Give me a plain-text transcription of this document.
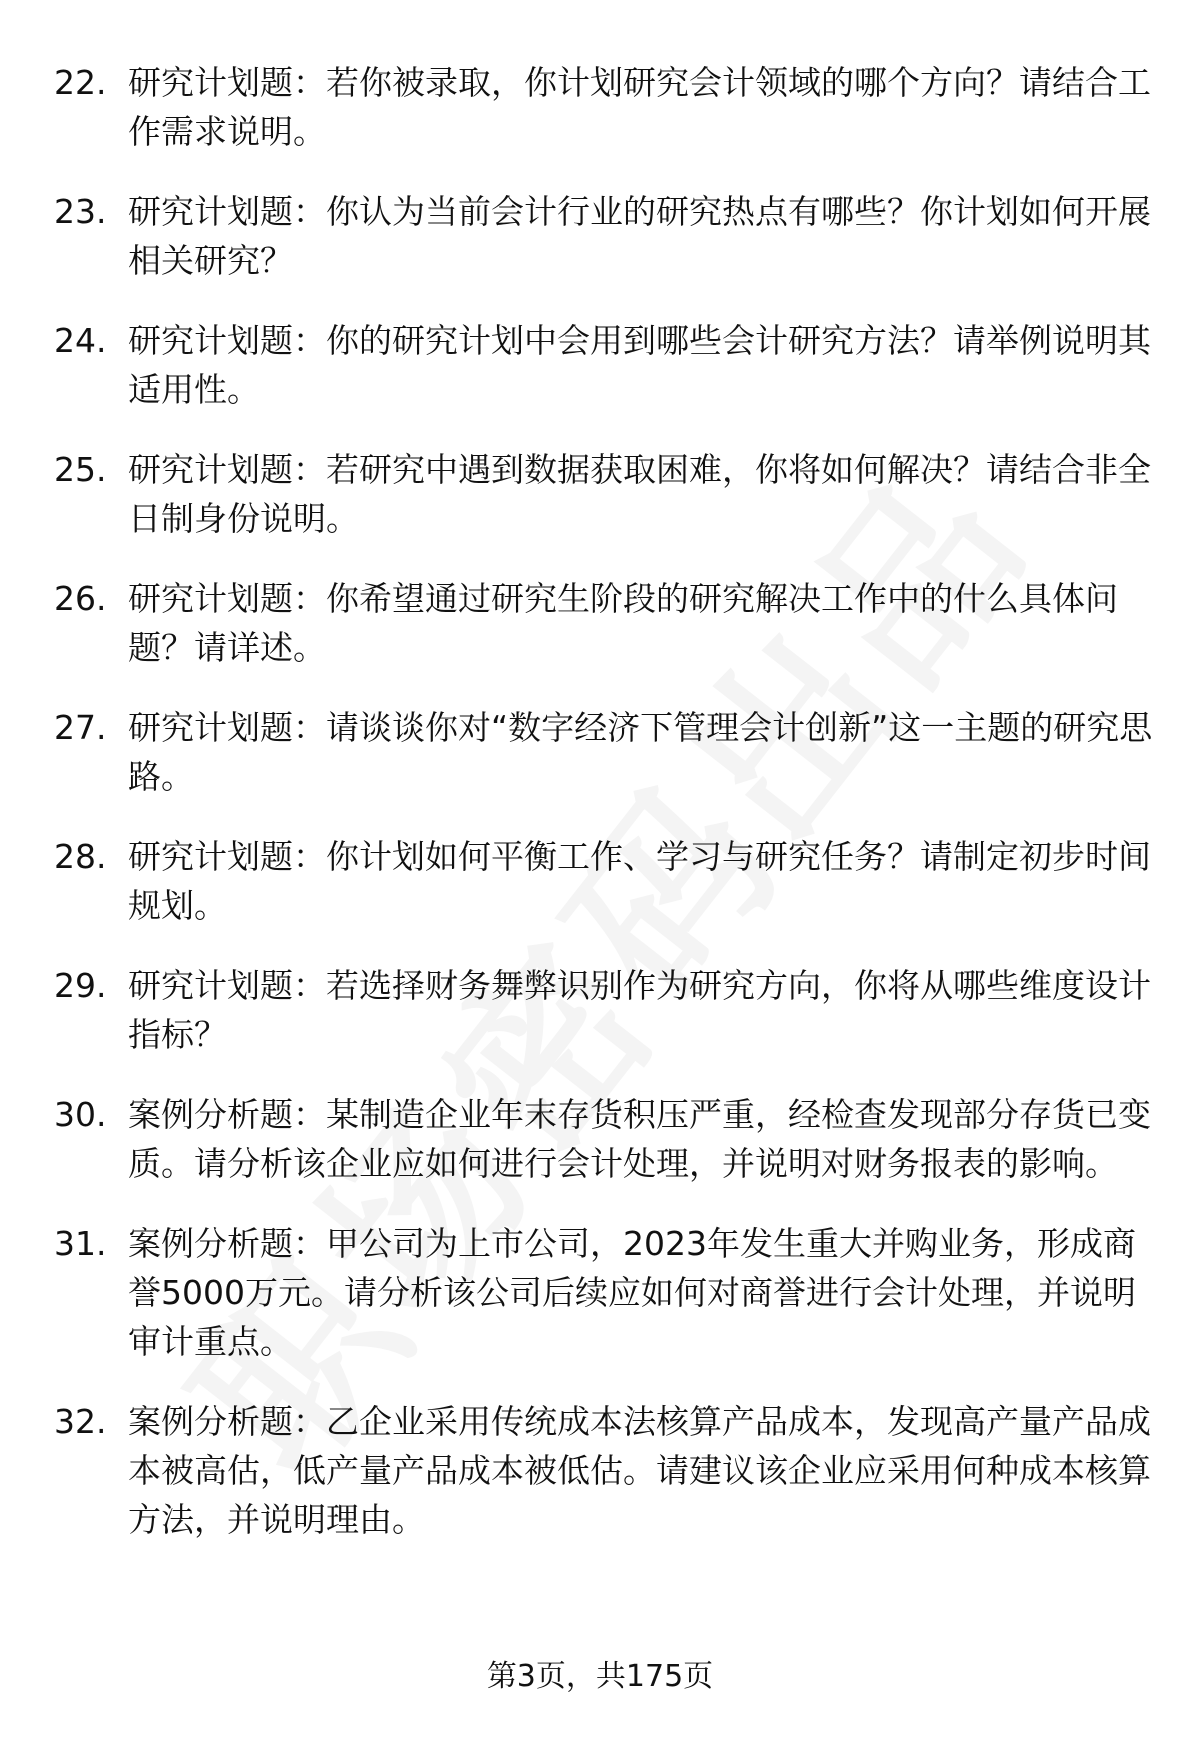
22. 研究计划题：若你被录取，你计划研究会计领域的哪个方向？请结合工作需求说明。
23. 研究计划题：你认为当前会计行业的研究热点有哪些？你计划如何开展相关研究？
24. 研究计划题：你的研究计划中会用到哪些会计研究方法？请举例说明其适用性。
25. 研究计划题：若研究中遇到数据获取困难，你将如何解决？请结合非全日制身份说明。
26. 研究计划题：你希望通过研究生阶段的研究解决工作中的什么具体问题？请详述。
27. 研究计划题：请谈谈你对“数字经济下管理会计创新”这一主题的研究思路。
28. 研究计划题：你计划如何平衡工作、学习与研究任务？请制定初步时间规划。
29. 研究计划题：若选择财务舞弊识别作为研究方向，你将从哪些维度设计指标？
30. 案例分析题：某制造企业年末存货积压严重，经检查发现部分存货已变质。请分析该企业应如何进行会计处理，并说明对财务报表的影响。
31. 案例分析题：甲公司为上市公司，2023年发生重大并购业务，形成商誉5000万元。请分析该公司后续应如何对商誉进行会计处理，并说明审计重点。
32. 案例分析题：乙企业采用传统成本法核算产品成本，发现高产量产品成本被高估，低产量产品成本被低估。请建议该企业应采用何种成本核算方法，并说明理由。
第3页，共175页
